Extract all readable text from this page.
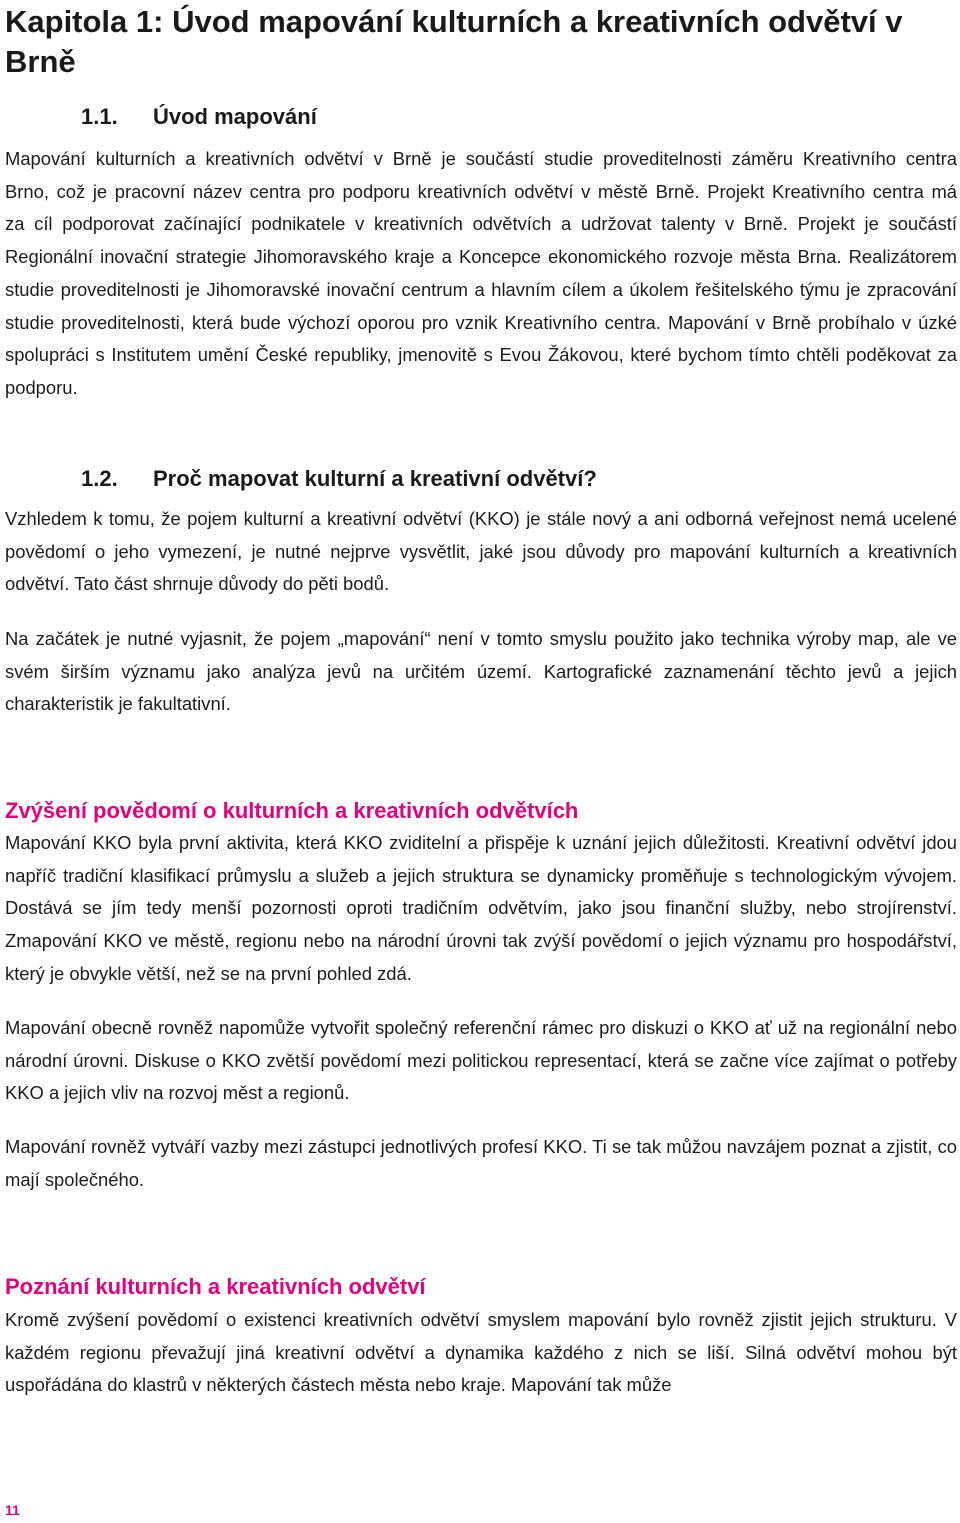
Kapitola 1: Úvod mapování kulturních a kreativních odvětví v Brně
1.1. Úvod mapování

Mapování kulturních a kreativních odvětví v Brně je součástí studie proveditelnosti záměru Kreativního centra Brno, což je pracovní název centra pro podporu kreativních odvětví v městě Brně. Projekt Kreativního centra má za cíl podporovat začínající podnikatele v kreativních odvětvích a udržovat talenty v Brně. Projekt je součástí Regionální inovační strategie Jihomoravského kraje a Koncepce ekonomického rozvoje města Brna. Realizátorem studie proveditelnosti je Jihomoravské inovační centrum a hlavním cílem a úkolem řešitelského týmu je zpracování studie proveditelnosti, která bude výchozí oporou pro vznik Kreativního centra. Mapování v Brně probíhalo v úzké spolupráci s Institutem umění České republiky, jmenovitě s Evou Žákovou, které bychom tímto chtěli poděkovat za podporu.

1.2. Proč mapovat kulturní a kreativní odvětví?

Vzhledem k tomu, že pojem kulturní a kreativní odvětví (KKO) je stále nový a ani odborná veřejnost nemá ucelené povědomí o jeho vymezení, je nutné nejprve vysvětlit, jaké jsou důvody pro mapování kulturních a kreativních odvětví. Tato část shrnuje důvody do pěti bodů.

Na začátek je nutné vyjasnit, že pojem „mapování“ není v tomto smyslu použito jako technika výroby map, ale ve svém širším významu jako analýza jevů na určitém území. Kartografické zaznamenání těchto jevů a jejich charakteristik je fakultativní.

Zvýšení povědomí o kulturních a kreativních odvětvích

Mapování KKO byla první aktivita, která KKO zviditelní a přispěje k uznání jejich důležitosti. Kreativní odvětví jdou napříč tradiční klasifikací průmyslu a služeb a jejich struktura se dynamicky proměňuje s technologickým vývojem. Dostává se jím tedy menší pozornosti oproti tradičním odvětvím, jako jsou finanční služby, nebo strojírenství. Zmapování KKO ve městě, regionu nebo na národní úrovni tak zvýší povědomí o jejich významu pro hospodářství, který je obvykle větší, než se na první pohled zdá.

Mapování obecně rovněž napomůže vytvořit společný referenční rámec pro diskuzi o KKO ať už na regionální nebo národní úrovni. Diskuse o KKO zvětší povědomí mezi politickou representací, která se začne více zajímat o potřeby KKO a jejich vliv na rozvoj měst a regionů.

Mapování rovněž vytváří vazby mezi zástupci jednotlivých profesí KKO. Ti se tak můžou navzájem poznat a zjistit, co mají společného.

Poznání kulturních a kreativních odvětví

Kromě zvýšení povědomí o existenci kreativních odvětví smyslem mapování bylo rovněž zjistit jejich strukturu. V každém regionu převažují jiná kreativní odvětví a dynamika každého z nich se liší. Silná odvětví mohou být uspořádána do klastrů v některých částech města nebo kraje. Mapování tak může

11
